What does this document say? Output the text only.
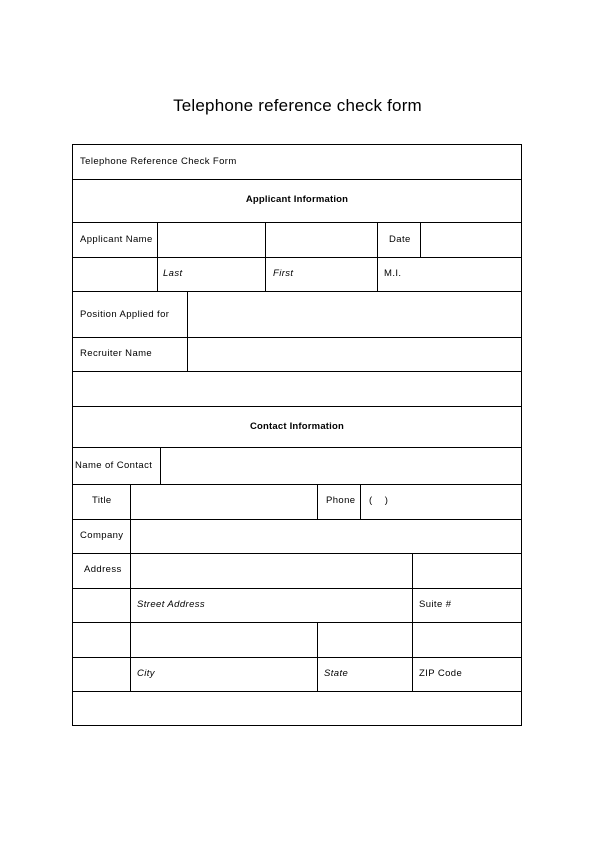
Telephone reference check form
Telephone Reference Check Form
Applicant Information
Applicant Name	Date
Last	First	M.I.
Position Applied for
Recruiter Name
Contact Information
Name of Contact
Title	Phone (    )
Company
Address
Street Address	Suite #
City	State	ZIP Code
